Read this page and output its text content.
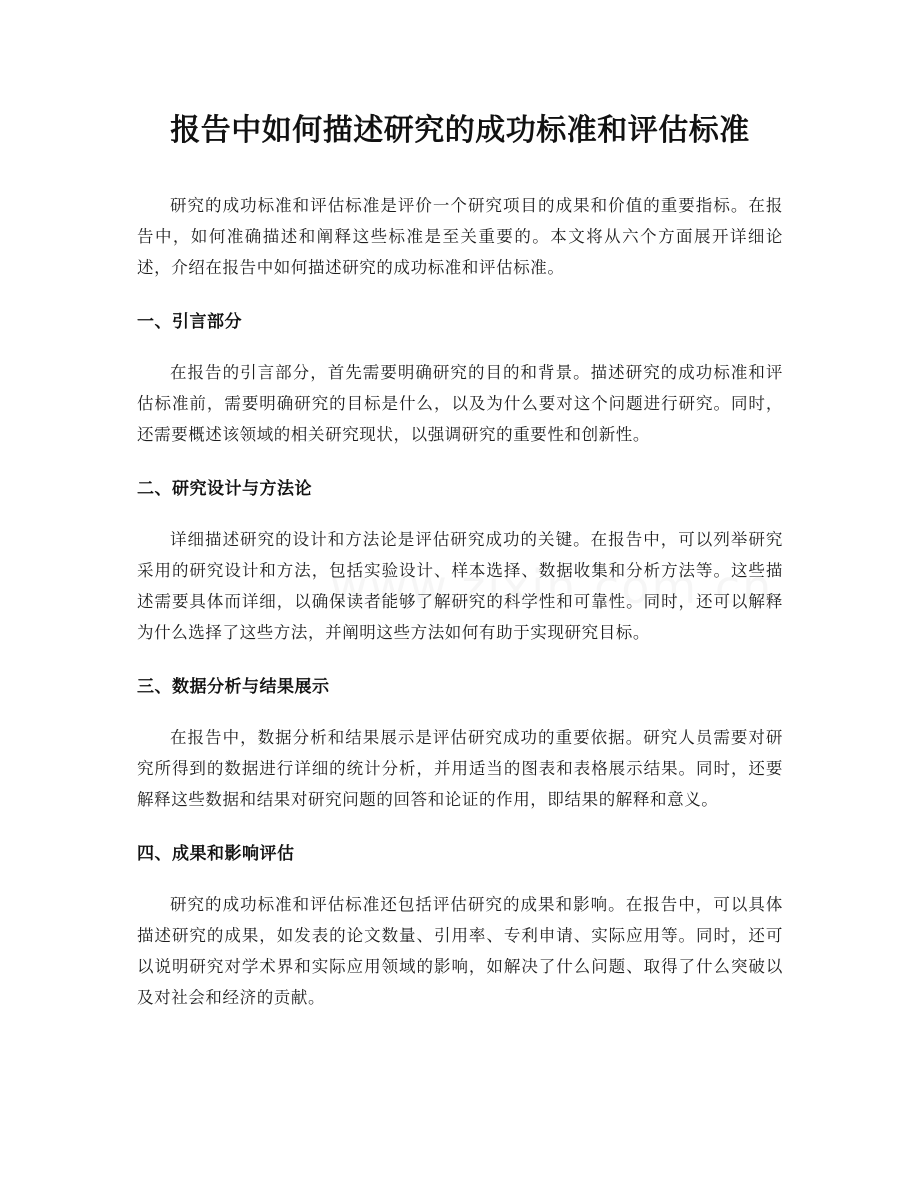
报告中如何描述研究的成功标准和评估标准

研究的成功标准和评估标准是评价一个研究项目的成果和价值的重要指标。在报告中，如何准确描述和阐释这些标准是至关重要的。本文将从六个方面展开详细论述，介绍在报告中如何描述研究的成功标准和评估标准。

一、引言部分

在报告的引言部分，首先需要明确研究的目的和背景。描述研究的成功标准和评估标准前，需要明确研究的目标是什么，以及为什么要对这个问题进行研究。同时，还需要概述该领域的相关研究现状，以强调研究的重要性和创新性。

二、研究设计与方法论

详细描述研究的设计和方法论是评估研究成功的关键。在报告中，可以列举研究采用的研究设计和方法，包括实验设计、样本选择、数据收集和分析方法等。这些描述需要具体而详细，以确保读者能够了解研究的科学性和可靠性。同时，还可以解释为什么选择了这些方法，并阐明这些方法如何有助于实现研究目标。

三、数据分析与结果展示

在报告中，数据分析和结果展示是评估研究成功的重要依据。研究人员需要对研究所得到的数据进行详细的统计分析，并用适当的图表和表格展示结果。同时，还要解释这些数据和结果对研究问题的回答和论证的作用，即结果的解释和意义。

四、成果和影响评估

研究的成功标准和评估标准还包括评估研究的成果和影响。在报告中，可以具体描述研究的成果，如发表的论文数量、引用率、专利申请、实际应用等。同时，还可以说明研究对学术界和实际应用领域的影响，如解决了什么问题、取得了什么突破以及对社会和经济的贡献。
